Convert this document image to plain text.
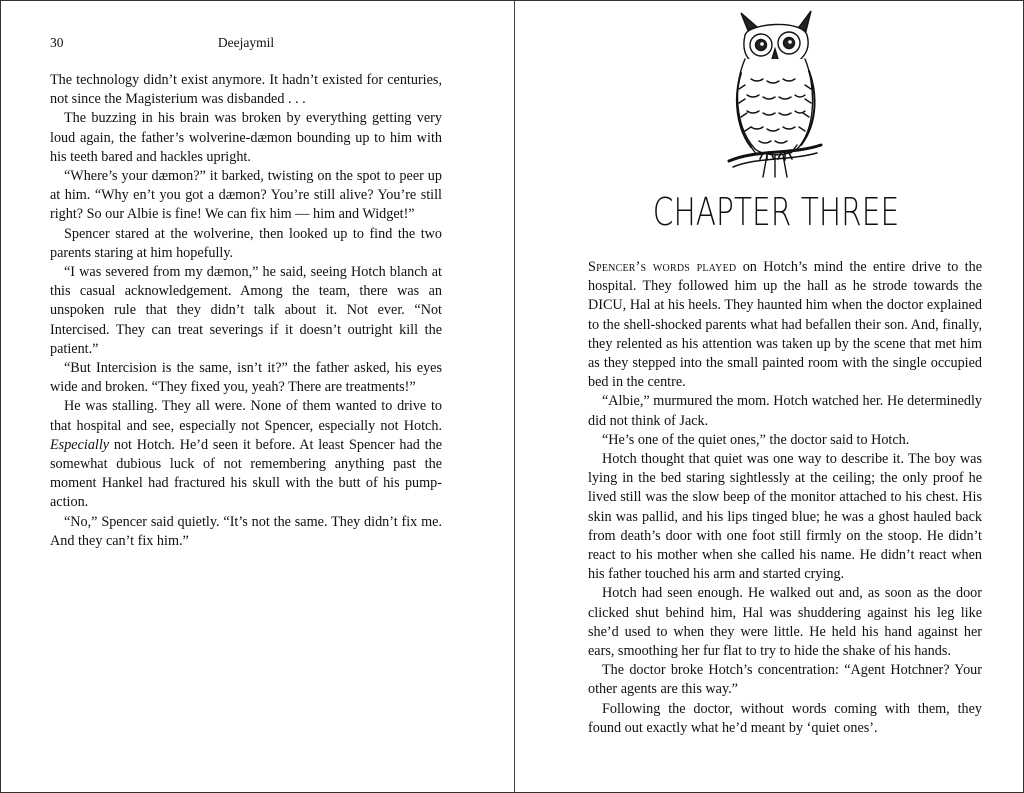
30	Deejaymil

The technology didn’t exist anymore. It hadn’t existed for centuries, not since the Magisterium was disbanded . . .

The buzzing in his brain was broken by everything getting very loud again, the father’s wolverine-dæmon bounding up to him with his teeth bared and hackles upright.

“Where’s your dæmon?” it barked, twisting on the spot to peer up at him. “Why en’t you got a dæmon? You’re still alive? You’re still right? So our Albie is fine! We can fix him — him and Widget!”

Spencer stared at the wolverine, then looked up to find the two parents staring at him hopefully.

“I was severed from my dæmon,” he said, seeing Hotch blanch at this casual acknowledgement. Among the team, there was an unspoken rule that they didn’t talk about it. Not ever. “Not Intercised. They can treat severings if it doesn’t outright kill the patient.”

“But Intercision is the same, isn’t it?” the father asked, his eyes wide and broken. “They fixed you, yeah? There are treatments!”

He was stalling. They all were. None of them wanted to drive to that hospital and see, especially not Spencer, especially not Hotch. Especially not Hotch. He’d seen it before. At least Spencer had the somewhat dubious luck of not remembering anything past the moment Hankel had fractured his skull with the butt of his pump-action.

“No,” Spencer said quietly. “It’s not the same. They didn’t fix me. And they can’t fix him.”

CHAPTER THREE

Spencer’s words played on Hotch’s mind the entire drive to the hospital. They followed him up the hall as he strode towards the DICU, Hal at his heels. They haunted him when the doctor explained to the shell-shocked parents what had befallen their son. And, finally, they relented as his attention was taken up by the scene that met him as they stepped into the small painted room with the single occupied bed in the centre.

“Albie,” murmured the mom. Hotch watched her. He determinedly did not think of Jack.

“He’s one of the quiet ones,” the doctor said to Hotch.

Hotch thought that quiet was one way to describe it. The boy was lying in the bed staring sightlessly at the ceiling; the only proof he lived still was the slow beep of the monitor attached to his chest. His skin was pallid, and his lips tinged blue; he was a ghost hauled back from death’s door with one foot still firmly on the stoop. He didn’t react to his mother when she called his name. He didn’t react when his father touched his arm and started crying.

Hotch had seen enough. He walked out and, as soon as the door clicked shut behind him, Hal was shuddering against his leg like she’d used to when they were little. He held his hand against her ears, smoothing her fur flat to try to hide the shake of his hands.

The doctor broke Hotch’s concentration: “Agent Hotchner? Your other agents are this way.”

Following the doctor, without words coming with them, they found out exactly what he’d meant by ‘quiet ones’.
